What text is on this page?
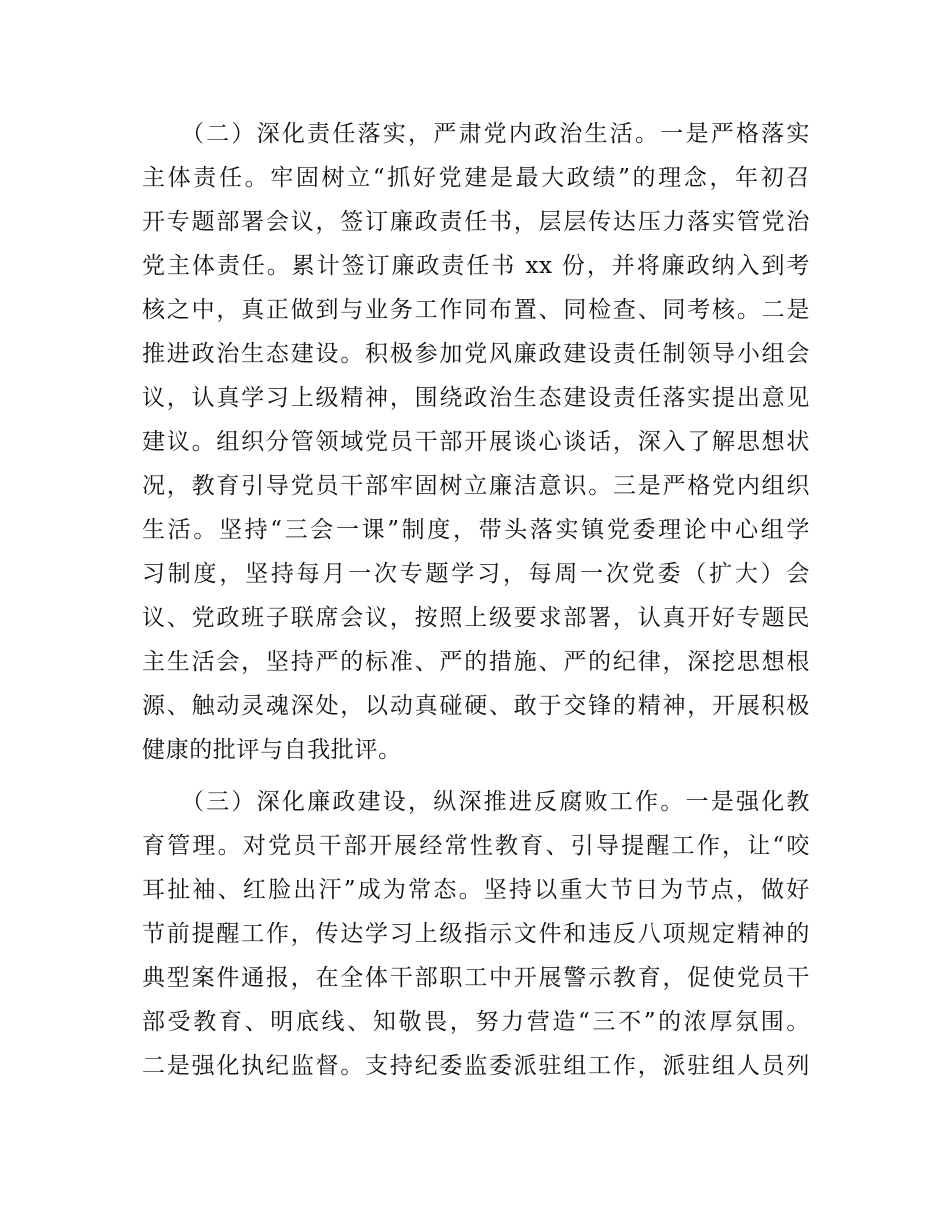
　　（二）深化责任落实，严肃党内政治生活。一是严格落实
主体责任。牢固树立“抓好党建是最大政绩”的理念，年初召
开专题部署会议，签订廉政责任书，层层传达压力落实管党治
党主体责任。累计签订廉政责任书 xx 份，并将廉政纳入到考
核之中，真正做到与业务工作同布置、同检查、同考核。二是
推进政治生态建设。积极参加党风廉政建设责任制领导小组会
议，认真学习上级精神，围绕政治生态建设责任落实提出意见
建议。组织分管领域党员干部开展谈心谈话，深入了解思想状
况，教育引导党员干部牢固树立廉洁意识。三是严格党内组织
生活。坚持“三会一课”制度，带头落实镇党委理论中心组学
习制度，坚持每月一次专题学习，每周一次党委（扩大）会
议、党政班子联席会议，按照上级要求部署，认真开好专题民
主生活会，坚持严的标准、严的措施、严的纪律，深挖思想根
源、触动灵魂深处，以动真碰硬、敢于交锋的精神，开展积极
健康的批评与自我批评。
　　（三）深化廉政建设，纵深推进反腐败工作。一是强化教
育管理。对党员干部开展经常性教育、引导提醒工作，让“咬
耳扯袖、红脸出汗”成为常态。坚持以重大节日为节点，做好
节前提醒工作，传达学习上级指示文件和违反八项规定精神的
典型案件通报，在全体干部职工中开展警示教育，促使党员干
部受教育、明底线、知敬畏，努力营造“三不”的浓厚氛围。
二是强化执纪监督。支持纪委监委派驻组工作，派驻组人员列
